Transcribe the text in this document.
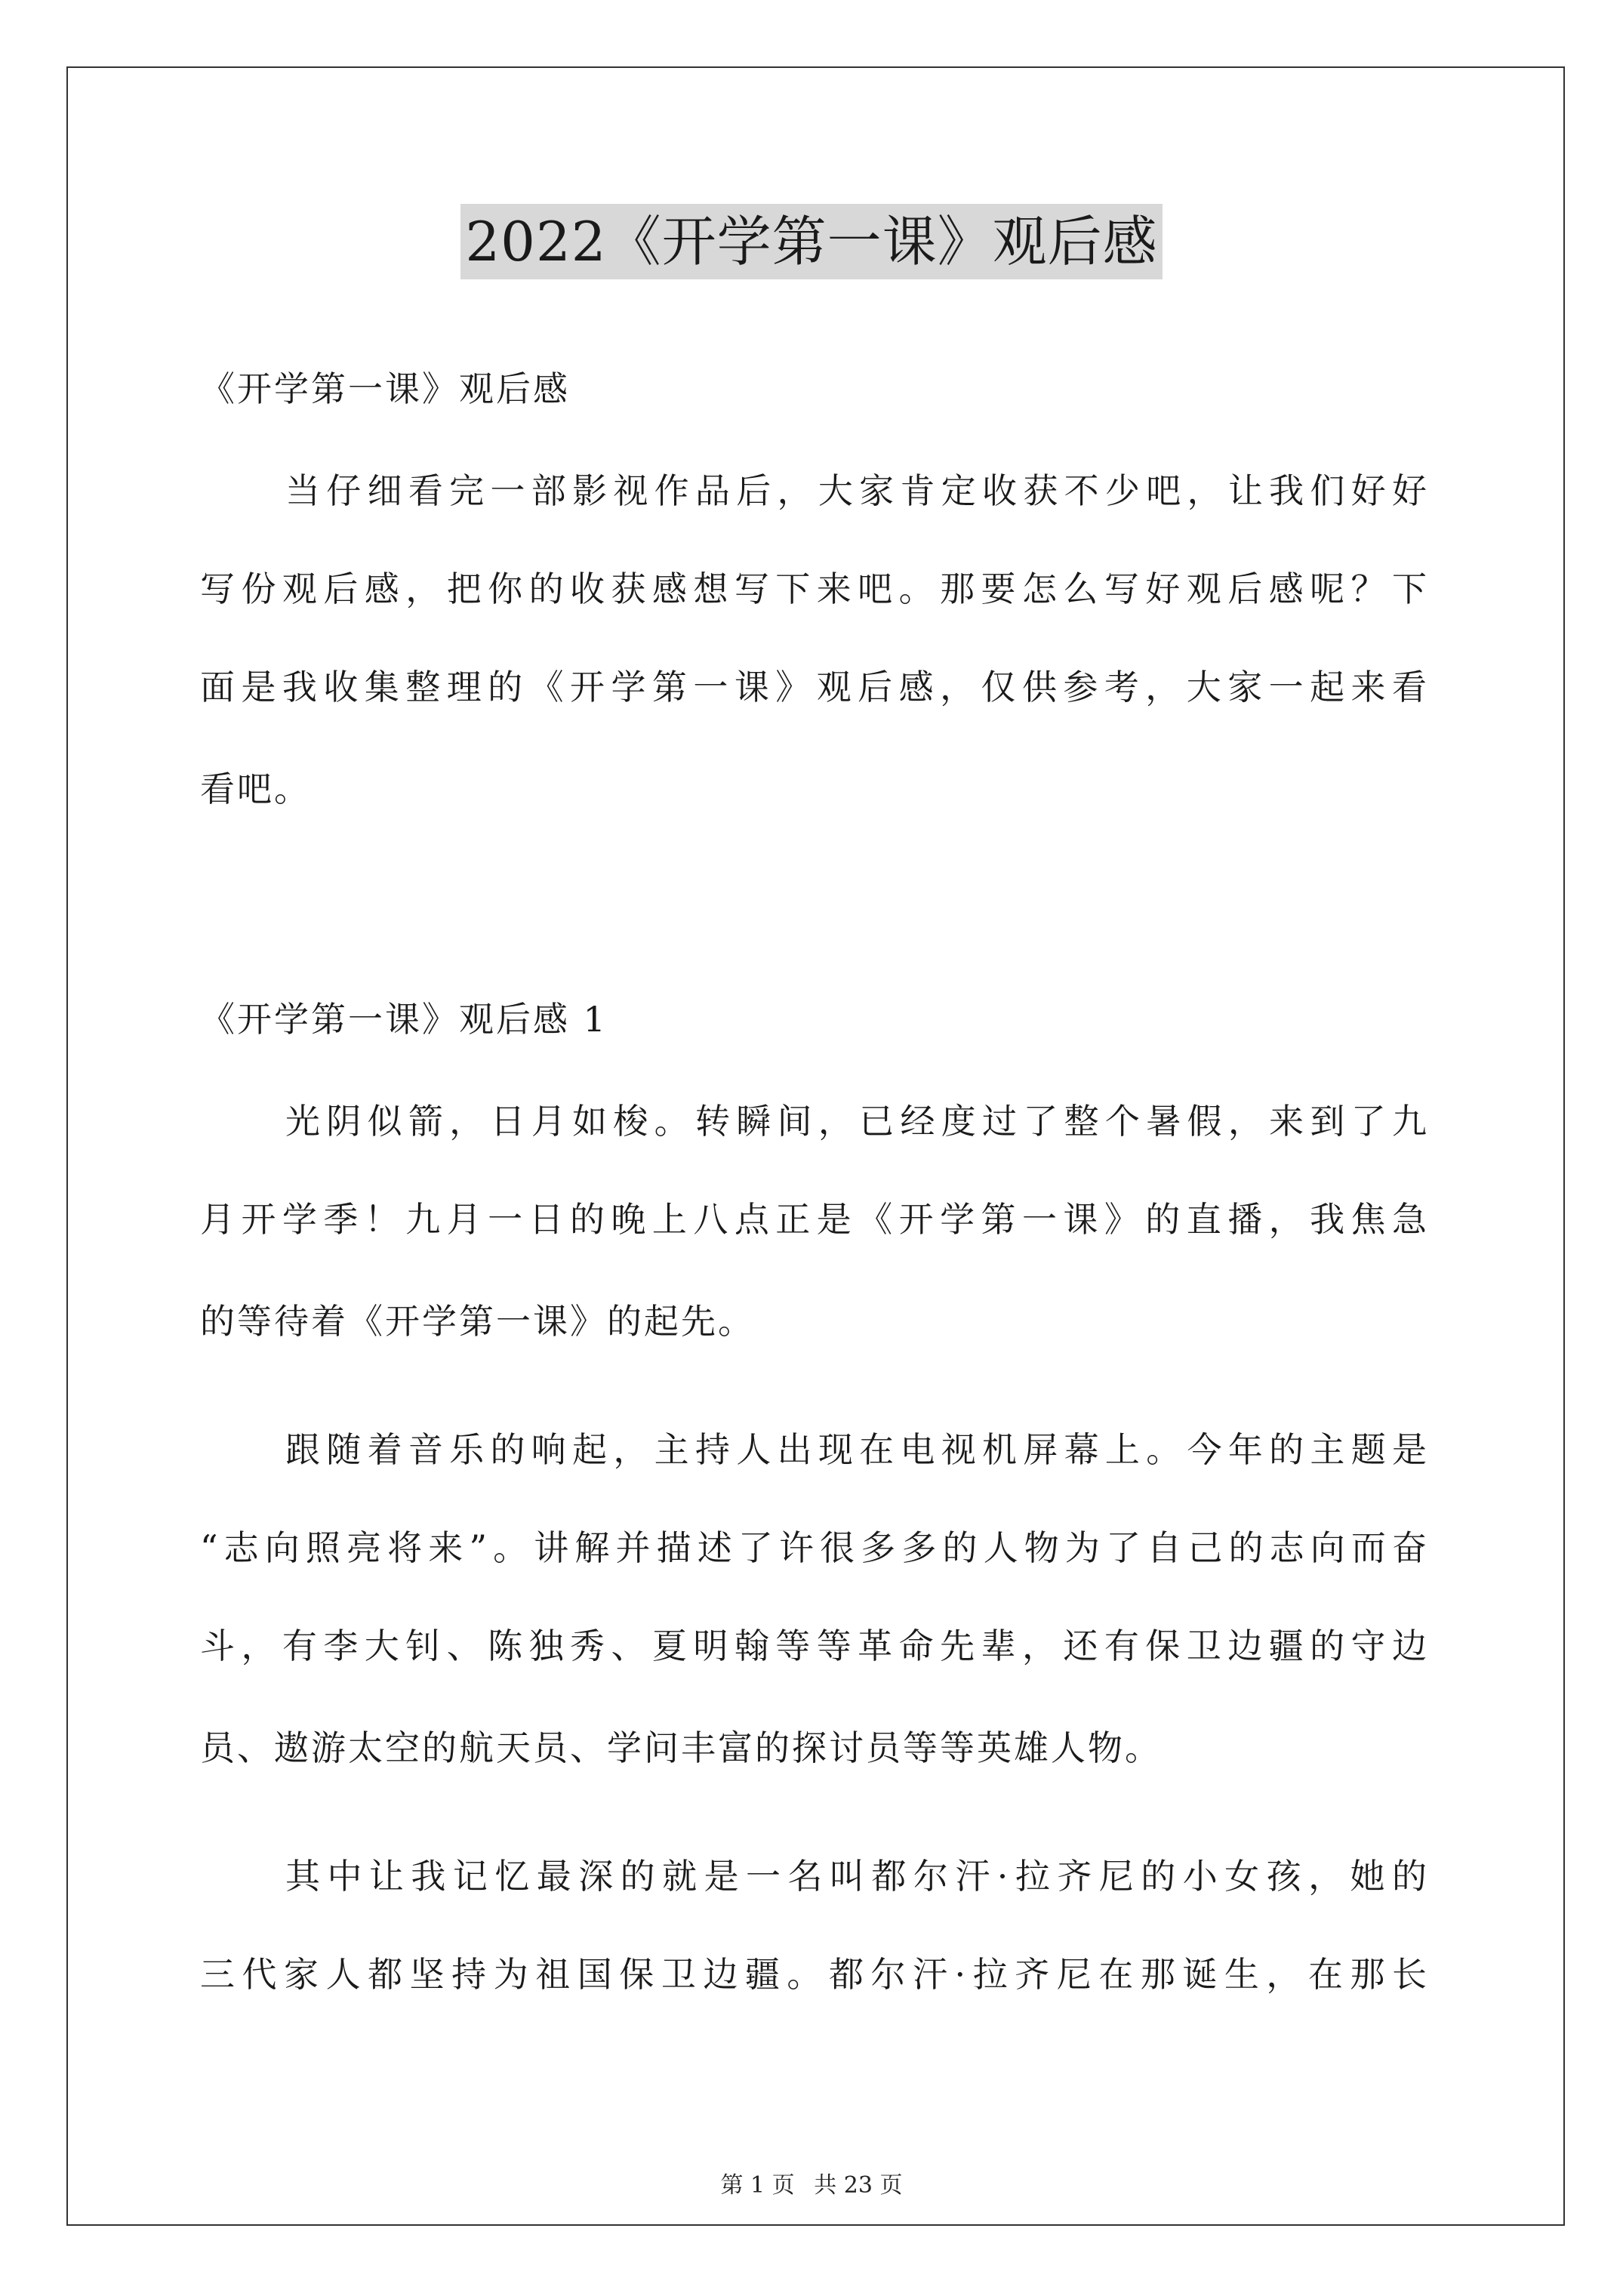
2022《开学第一课》观后感
《开学第一课》观后感
当仔细看完一部影视作品后，大家肯定收获不少吧，让我们好好
写份观后感，把你的收获感想写下来吧。那要怎么写好观后感呢？下
面是我收集整理的《开学第一课》观后感，仅供参考，大家一起来看
看吧。
《开学第一课》观后感 1
光阴似箭，日月如梭。转瞬间，已经度过了整个暑假，来到了九
月开学季！九月一日的晚上八点正是《开学第一课》的直播，我焦急
的等待着《开学第一课》的起先。
跟随着音乐的响起，主持人出现在电视机屏幕上。今年的主题是
“志向照亮将来”。讲解并描述了许很多多的人物为了自己的志向而奋
斗，有李大钊、陈独秀、夏明翰等等革命先辈，还有保卫边疆的守边
员、遨游太空的航天员、学问丰富的探讨员等等英雄人物。
其中让我记忆最深的就是一名叫都尔汗·拉齐尼的小女孩，她的
三代家人都坚持为祖国保卫边疆。都尔汗·拉齐尼在那诞生，在那长
第 1 页 共 23 页
